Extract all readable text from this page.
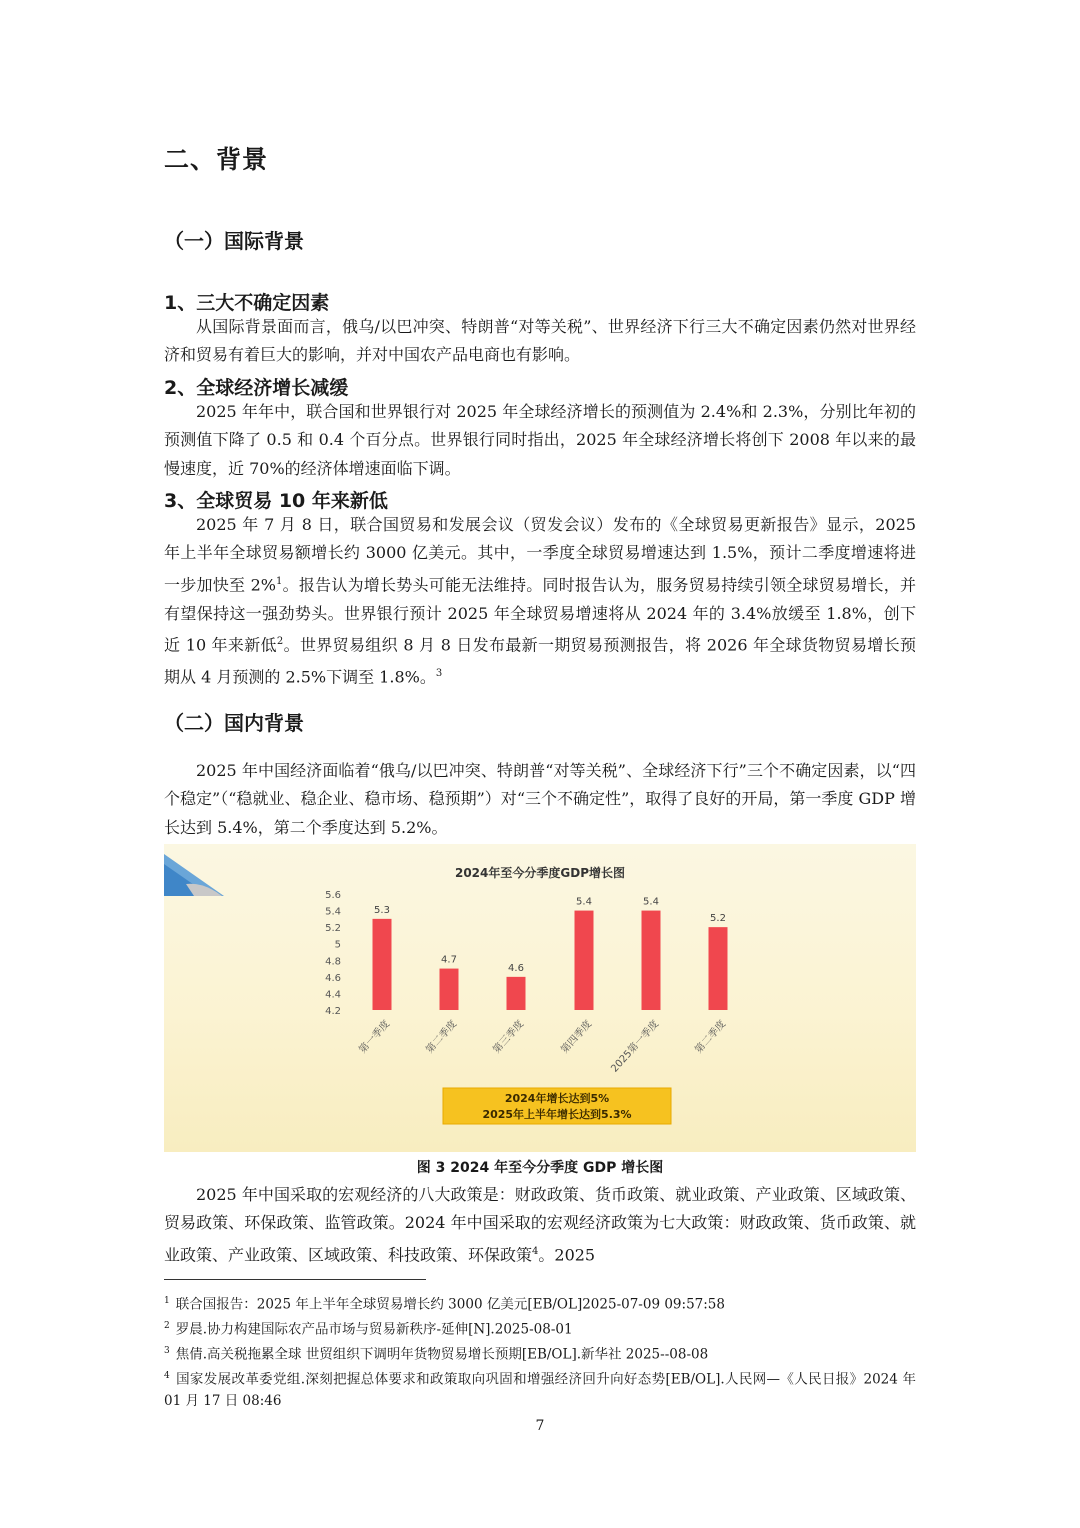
二、背景
（一）国际背景
1、三大不确定因素

从国际背景面而言，俄乌/以巴冲突、特朗普“对等关税”、世界经济下行三大不确定因素仍然对世界经济和贸易有着巨大的影响，并对中国农产品电商也有影响。

2、全球经济增长减缓

2025 年年中，联合国和世界银行对 2025 年全球经济增长的预测值为 2.4%和 2.3%，分别比年初的预测值下降了 0.5 和 0.4 个百分点。世界银行同时指出，2025 年全球经济增长将创下 2008 年以来的最慢速度，近 70%的经济体增速面临下调。

3、全球贸易 10 年来新低

2025 年 7 月 8 日，联合国贸易和发展会议（贸发会议）发布的《全球贸易更新报告》显示，2025 年上半年全球贸易额增长约 3000 亿美元。其中，一季度全球贸易增速达到 1.5%，预计二季度增速将进一步加快至 2%$^1$。报告认为增长势头可能无法维持。同时报告认为，服务贸易持续引领全球贸易增长，并有望保持这一强劲势头。世界银行预计 2025 年全球贸易增速将从 2024 年的 3.4%放缓至 1.8%，创下近 10 年来新低$^2$。世界贸易组织 8 月 8 日发布最新一期贸易预测报告，将 2026 年全球货物贸易增长预期从 4 月预测的 2.5%下调至 1.8%。$^3$

（二）国内背景

2025 年中国经济面临着“俄乌/以巴冲突、特朗普“对等关税”、全球经济下行”三个不确定因素，以“四个稳定”（“稳就业、稳企业、稳市场、稳预期”）对“三个不确定性”，取得了良好的开局，第一季度 GDP 增长达到 5.4%，第二个季度达到 5.2%。

2024年至今分季度GDP增长图
5.6
5.4
5.2
5
4.8
4.6
4.4
4.2
5.3
第一季度
4.7
第二季度
4.6
第三季度
5.4
第四季度
5.4
2025第一季度
5.2
第二季度
2024年增长达到5%
2025年上半年增长达到5.3%
图 3 2024 年至今分季度 GDP 增长图

2025 年中国采取的宏观经济的八大政策是：财政政策、货币政策、就业政策、产业政策、区域政策、贸易政策、环保政策、监管政策。2024 年中国采取的宏观经济政策为七大政策：财政政策、货币政策、就业政策、产业政策、区域政策、科技政策、环保政策$^4$。2025

$^1$ 联合国报告：2025 年上半年全球贸易增长约 3000 亿美元[EB/OL]2025-07-09 09:57:58
$^2$ 罗晨.协力构建国际农产品市场与贸易新秩序-延伸[N].2025-08-01
$^3$ 焦倩.高关税拖累全球 世贸组织下调明年货物贸易增长预期[EB/OL].新华社 2025--08-08
$^4$ 国家发展改革委党组.深刻把握总体要求和政策取向巩固和增强经济回升向好态势[EB/OL].人民网—《人民日报》2024 年 01 月 17 日 08:46
7
